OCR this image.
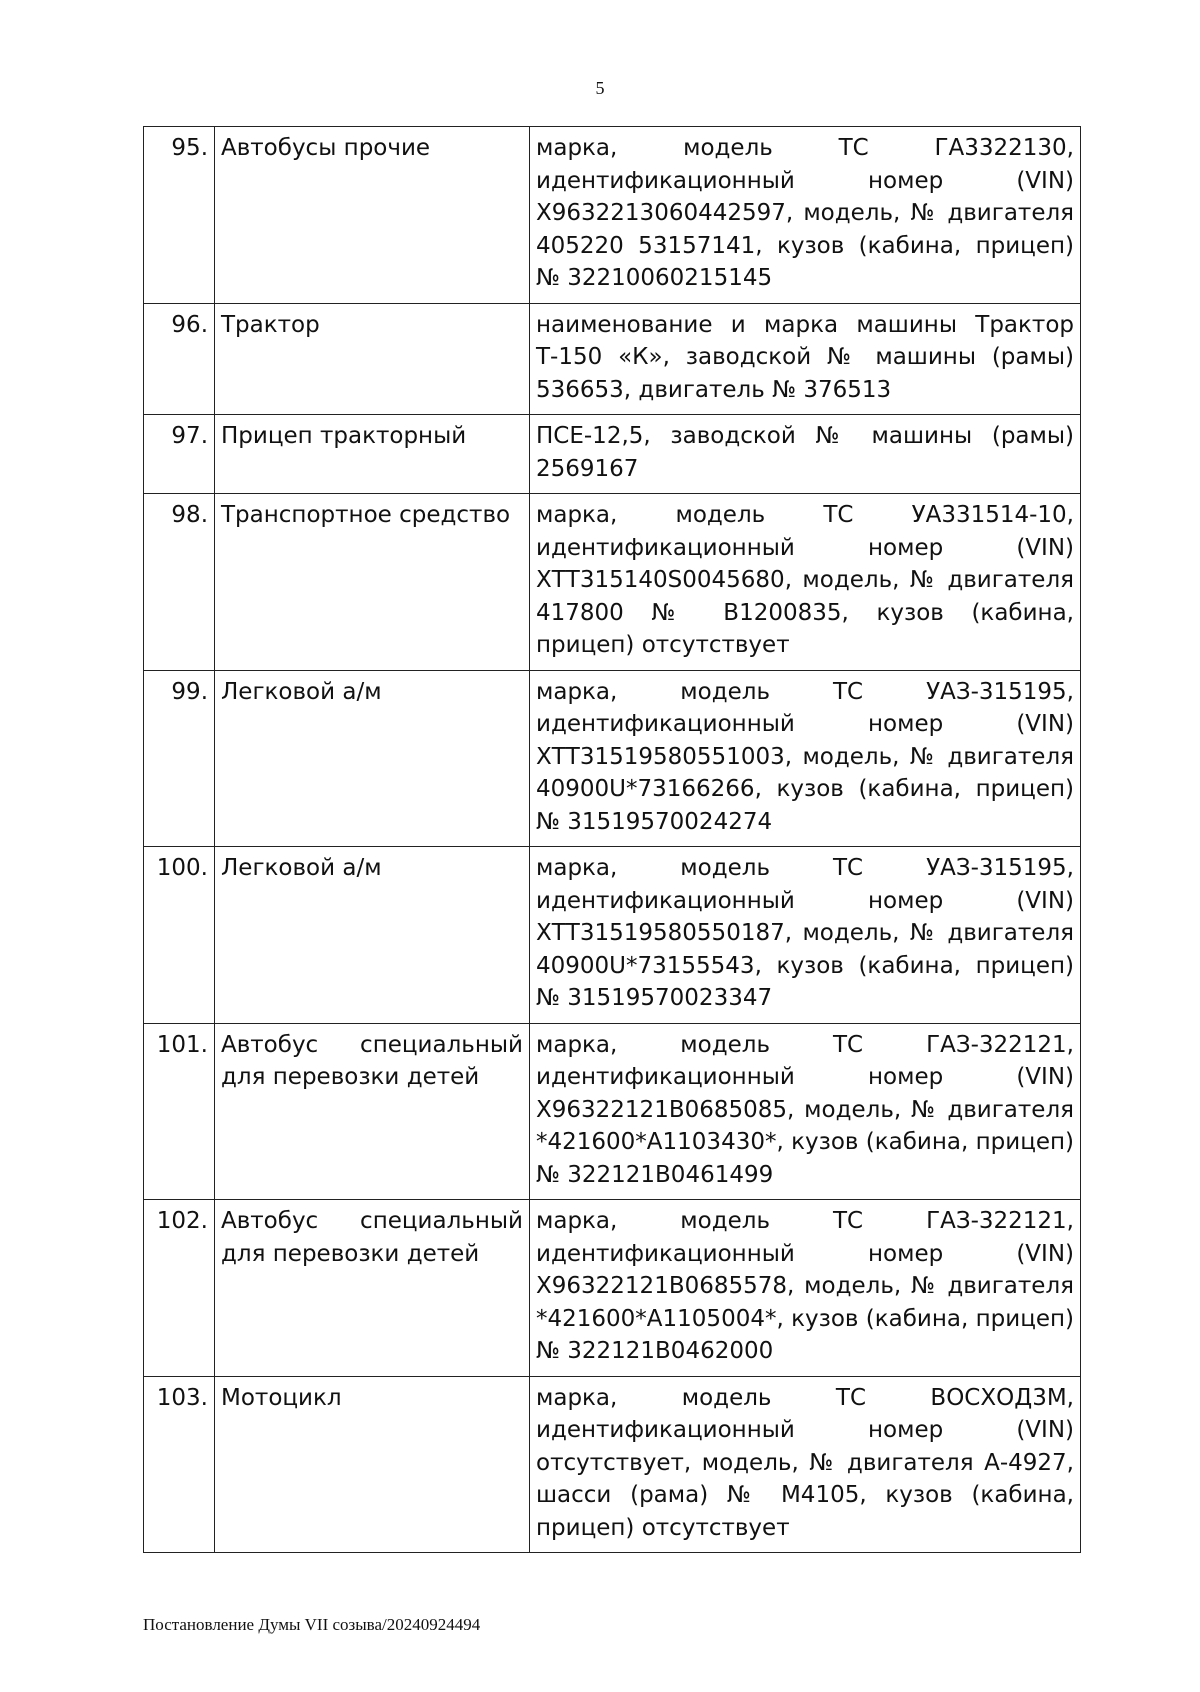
5
95.	Автобусы прочие	марка, модель ТС ГА3322130, идентификационный номер (VIN) X9632213060442597, модель, № двигателя 405220 53157141, кузов (кабина, прицеп) № 32210060215145
96.	Трактор	наименование и марка машины Трактор Т-150 «К», заводской № машины (рамы) 536653, двигатель № 376513
97.	Прицеп тракторный	ПСЕ-12,5, заводской № машины (рамы) 2569167
98.	Транспортное средство	марка, модель ТС УА331514-10, идентификационный номер (VIN) ХТТ315140S0045680, модель, № двигателя 417800 № В1200835, кузов (кабина, прицеп) отсутствует
99.	Легковой а/м	марка, модель ТС УАЗ-315195, идентификационный номер (VIN) ХТТ31519580551003, модель, № двигателя 40900U*73166266, кузов (кабина, прицеп) № 31519570024274
100.	Легковой а/м	марка, модель ТС УАЗ-315195, идентификационный номер (VIN) ХТТ31519580550187, модель, № двигателя 40900U*73155543, кузов (кабина, прицеп) № 31519570023347
101.	Автобус специальный для перевозки детей	марка, модель ТС ГАЗ-322121, идентификационный номер (VIN) X96322121B0685085, модель, № двигателя *421600*A1103430*, кузов (кабина, прицеп) № 322121B0461499
102.	Автобус специальный для перевозки детей	марка, модель ТС ГАЗ-322121, идентификационный номер (VIN) X96322121B0685578, модель, № двигателя *421600*A1105004*, кузов (кабина, прицеп) № 322121B0462000
103.	Мотоцикл	марка, модель ТС ВОСХОД3М, идентификационный номер (VIN) отсутствует, модель, № двигателя А-4927, шасси (рама) № М4105, кузов (кабина, прицеп) отсутствует
Постановление Думы VII созыва/20240924494
